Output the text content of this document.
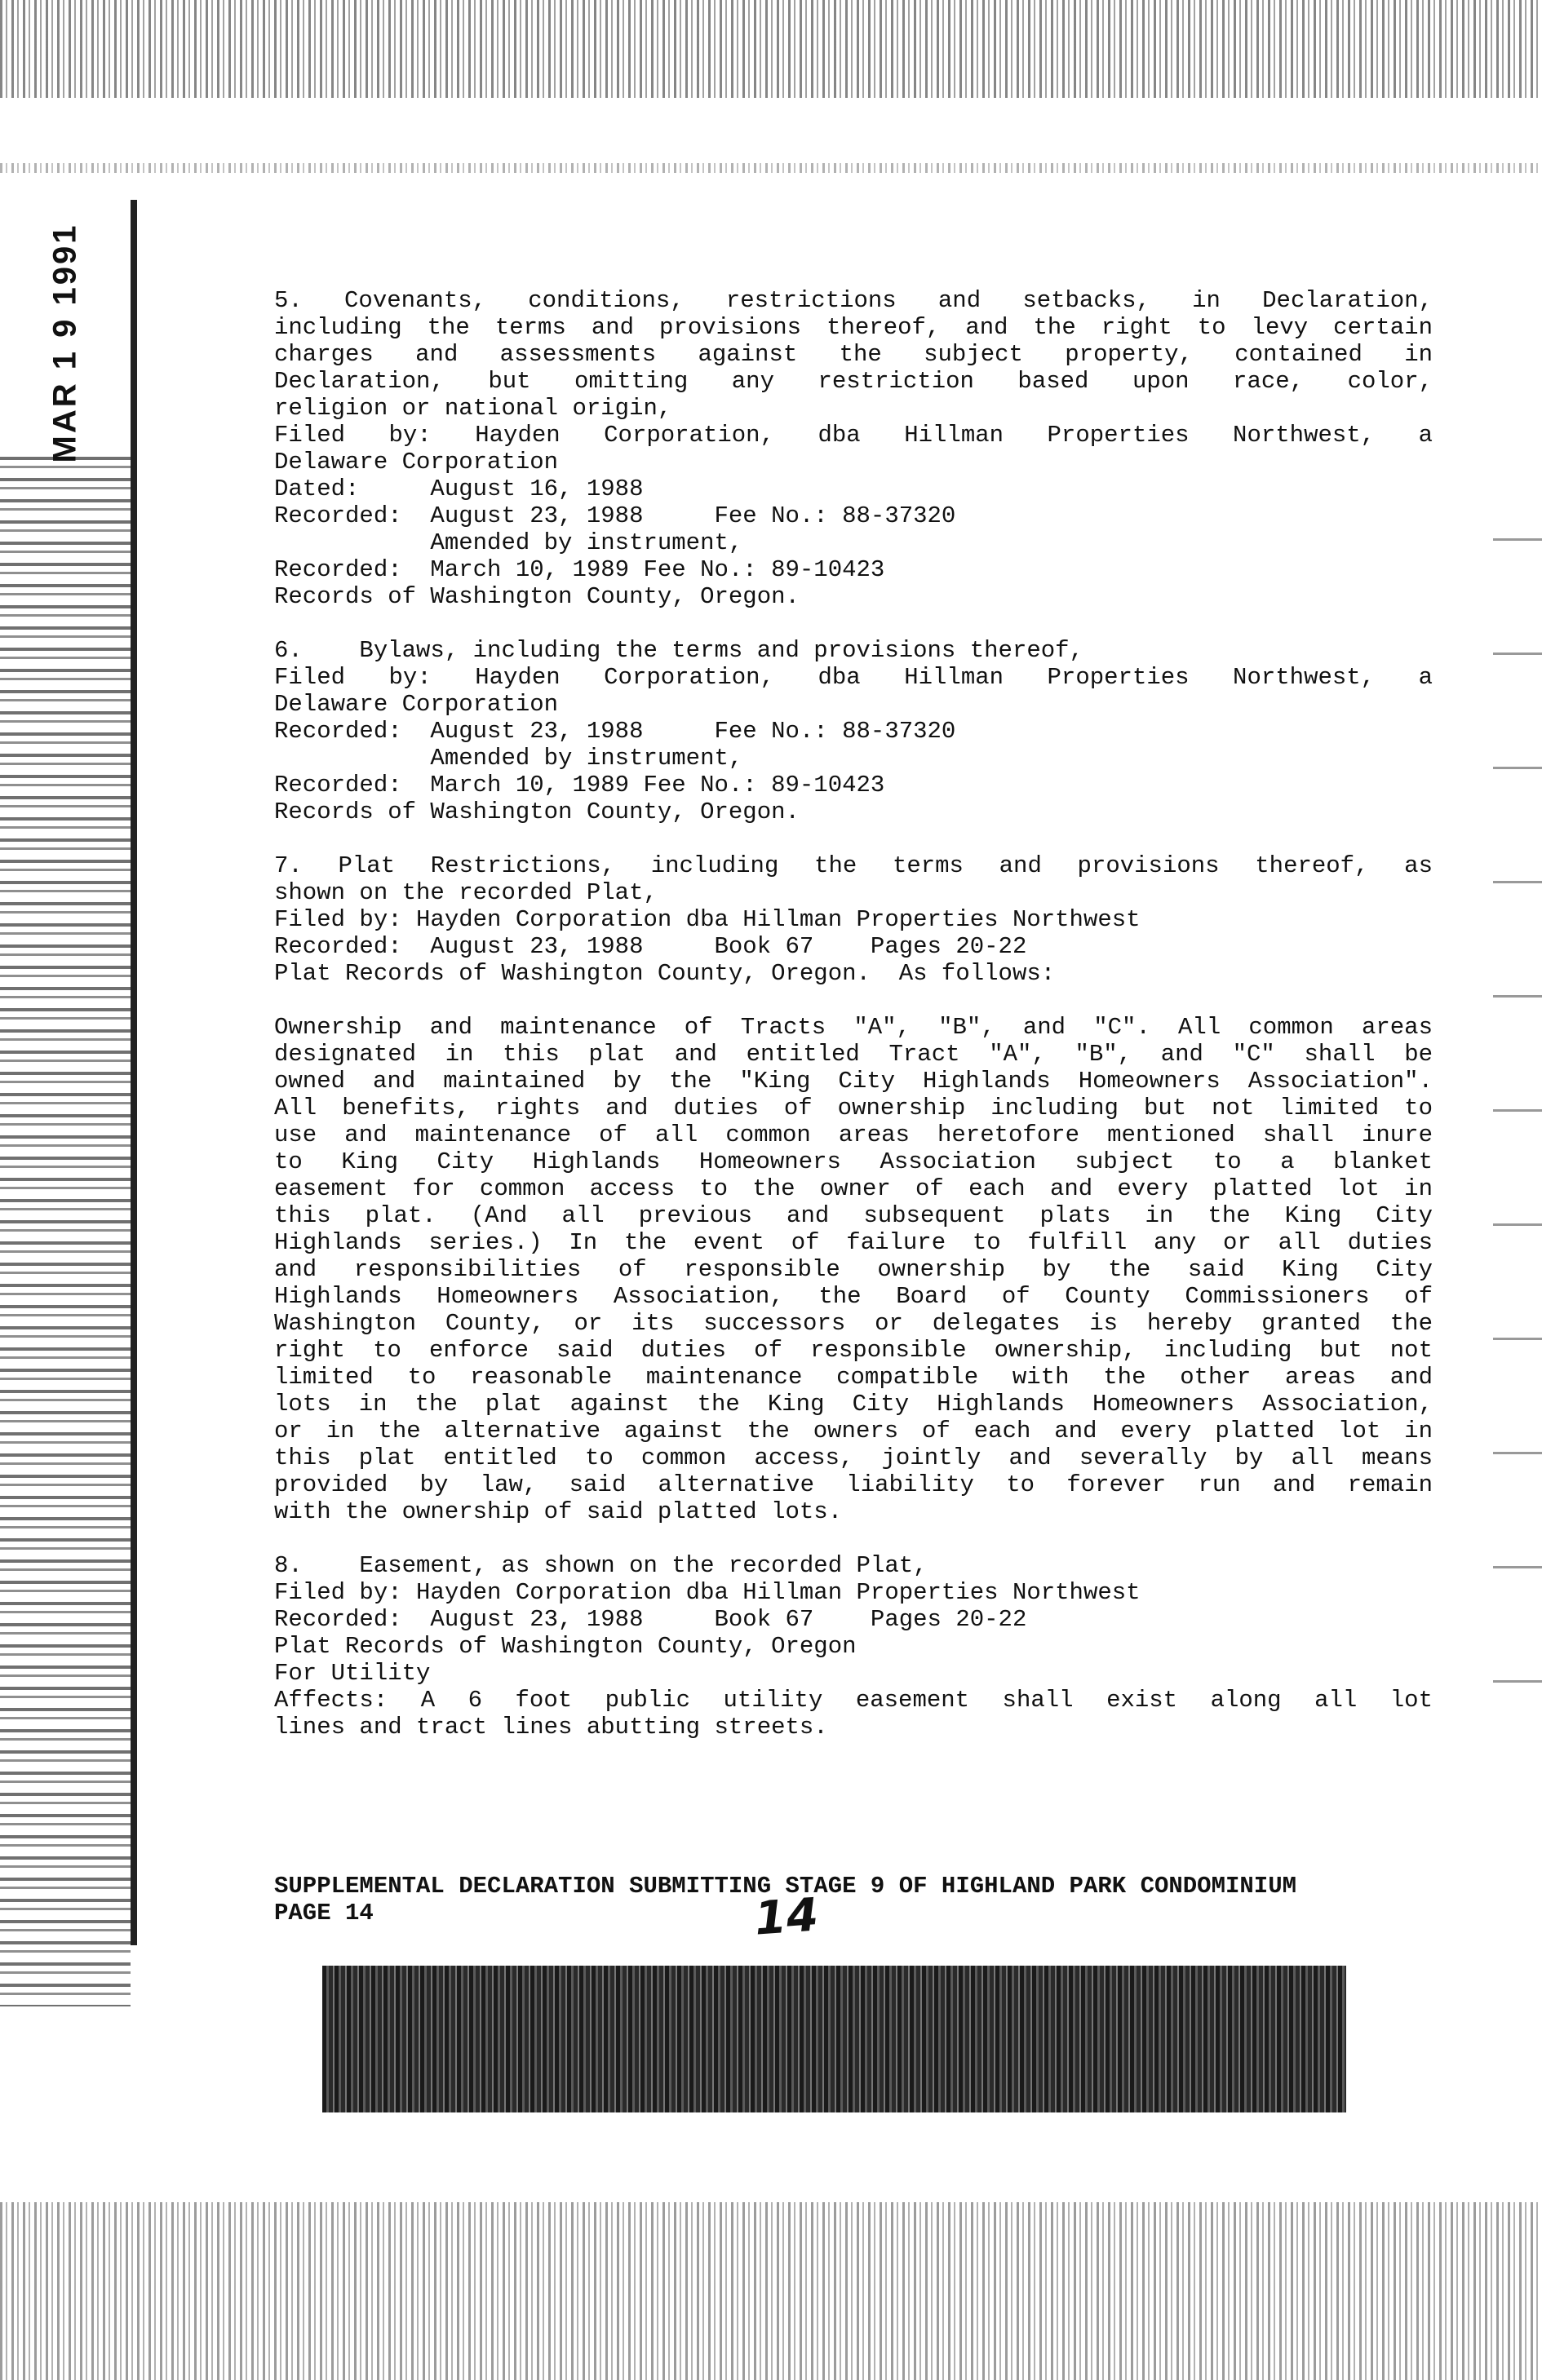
MAR 1 9 1991	5. Covenants, conditions, restrictions and setbacks, in Declaration,
including the terms and provisions thereof, and the right to levy certain
charges and assessments against the subject property, contained in
Declaration, but omitting any restriction based upon race, color,
religion or national origin,
Filed by: Hayden Corporation, dba Hillman Properties Northwest, a
Delaware Corporation
Dated:     August 16, 1988
Recorded:  August 23, 1988     Fee No.: 88-37320
Amended by instrument,
Recorded:  March 10, 1989 Fee No.: 89-10423
Records of Washington County, Oregon.
6.    Bylaws, including the terms and provisions thereof,
Filed by: Hayden Corporation, dba Hillman Properties Northwest, a
Delaware Corporation
Recorded:  August 23, 1988     Fee No.: 88-37320
Amended by instrument,
Recorded:  March 10, 1989 Fee No.: 89-10423
Records of Washington County, Oregon.
7. Plat Restrictions, including the terms and provisions thereof, as
shown on the recorded Plat,
Filed by: Hayden Corporation dba Hillman Properties Northwest
Recorded:  August 23, 1988     Book 67    Pages 20-22
Plat Records of Washington County, Oregon.  As follows:
Ownership and maintenance of Tracts "A", "B", and "C". All common areas
designated in this plat and entitled Tract "A", "B", and "C" shall be
owned and maintained by the "King City Highlands Homeowners Association".
All benefits, rights and duties of ownership including but not limited to
use and maintenance of all common areas heretofore mentioned shall inure
to King City Highlands Homeowners Association subject to a blanket
easement for common access to the owner of each and every platted lot in
this plat. (And all previous and subsequent plats in the King City
Highlands series.) In the event of failure to fulfill any or all duties
and responsibilities of responsible ownership by the said King City
Highlands Homeowners Association, the Board of County Commissioners of
Washington County, or its successors or delegates is hereby granted the
right to enforce said duties of responsible ownership, including but not
limited to reasonable maintenance compatible with the other areas and
lots in the plat against the King City Highlands Homeowners Association,
or in the alternative against the owners of each and every platted lot in
this plat entitled to common access, jointly and severally by all means
provided by law, said alternative liability to forever run and remain
with the ownership of said platted lots.
8.    Easement, as shown on the recorded Plat,
Filed by: Hayden Corporation dba Hillman Properties Northwest
Recorded:  August 23, 1988     Book 67    Pages 20-22
Plat Records of Washington County, Oregon
For Utility
Affects: A 6 foot public utility easement shall exist along all lot
lines and tract lines abutting streets.
SUPPLEMENTAL DECLARATION SUBMITTING STAGE 9 OF HIGHLAND PARK CONDOMINIUM
PAGE 14	14
